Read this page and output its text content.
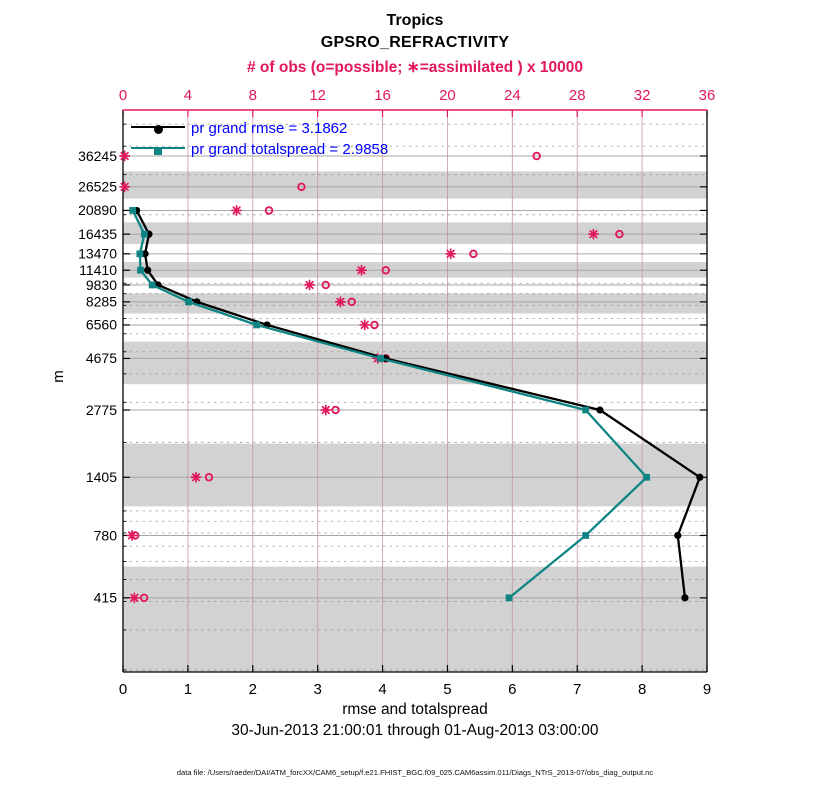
Tropics
GPSRO_REFRACTIVITY
# of obs (o=possible; ∗=assimilated ) x 10000
0	4	8	12	16	20	24	28	32	36
0	1	2	3	4	5	6	7	8	9
36245
26525
20890
16435
13470
11410
9830
8285
6560
4675
2775
1405
780
415
pr grand rmse = 3.1862
pr grand totalspread = 2.9858
m
rmse and totalspread
30-Jun-2013 21:00:01 through 01-Aug-2013 03:00:00
data file: /Users/raeder/DAI/ATM_forcXX/CAM6_setup/f.e21.FHIST_BGC.f09_025.CAM6assim.011/Diags_NTrS_2013-07/obs_diag_output.nc
